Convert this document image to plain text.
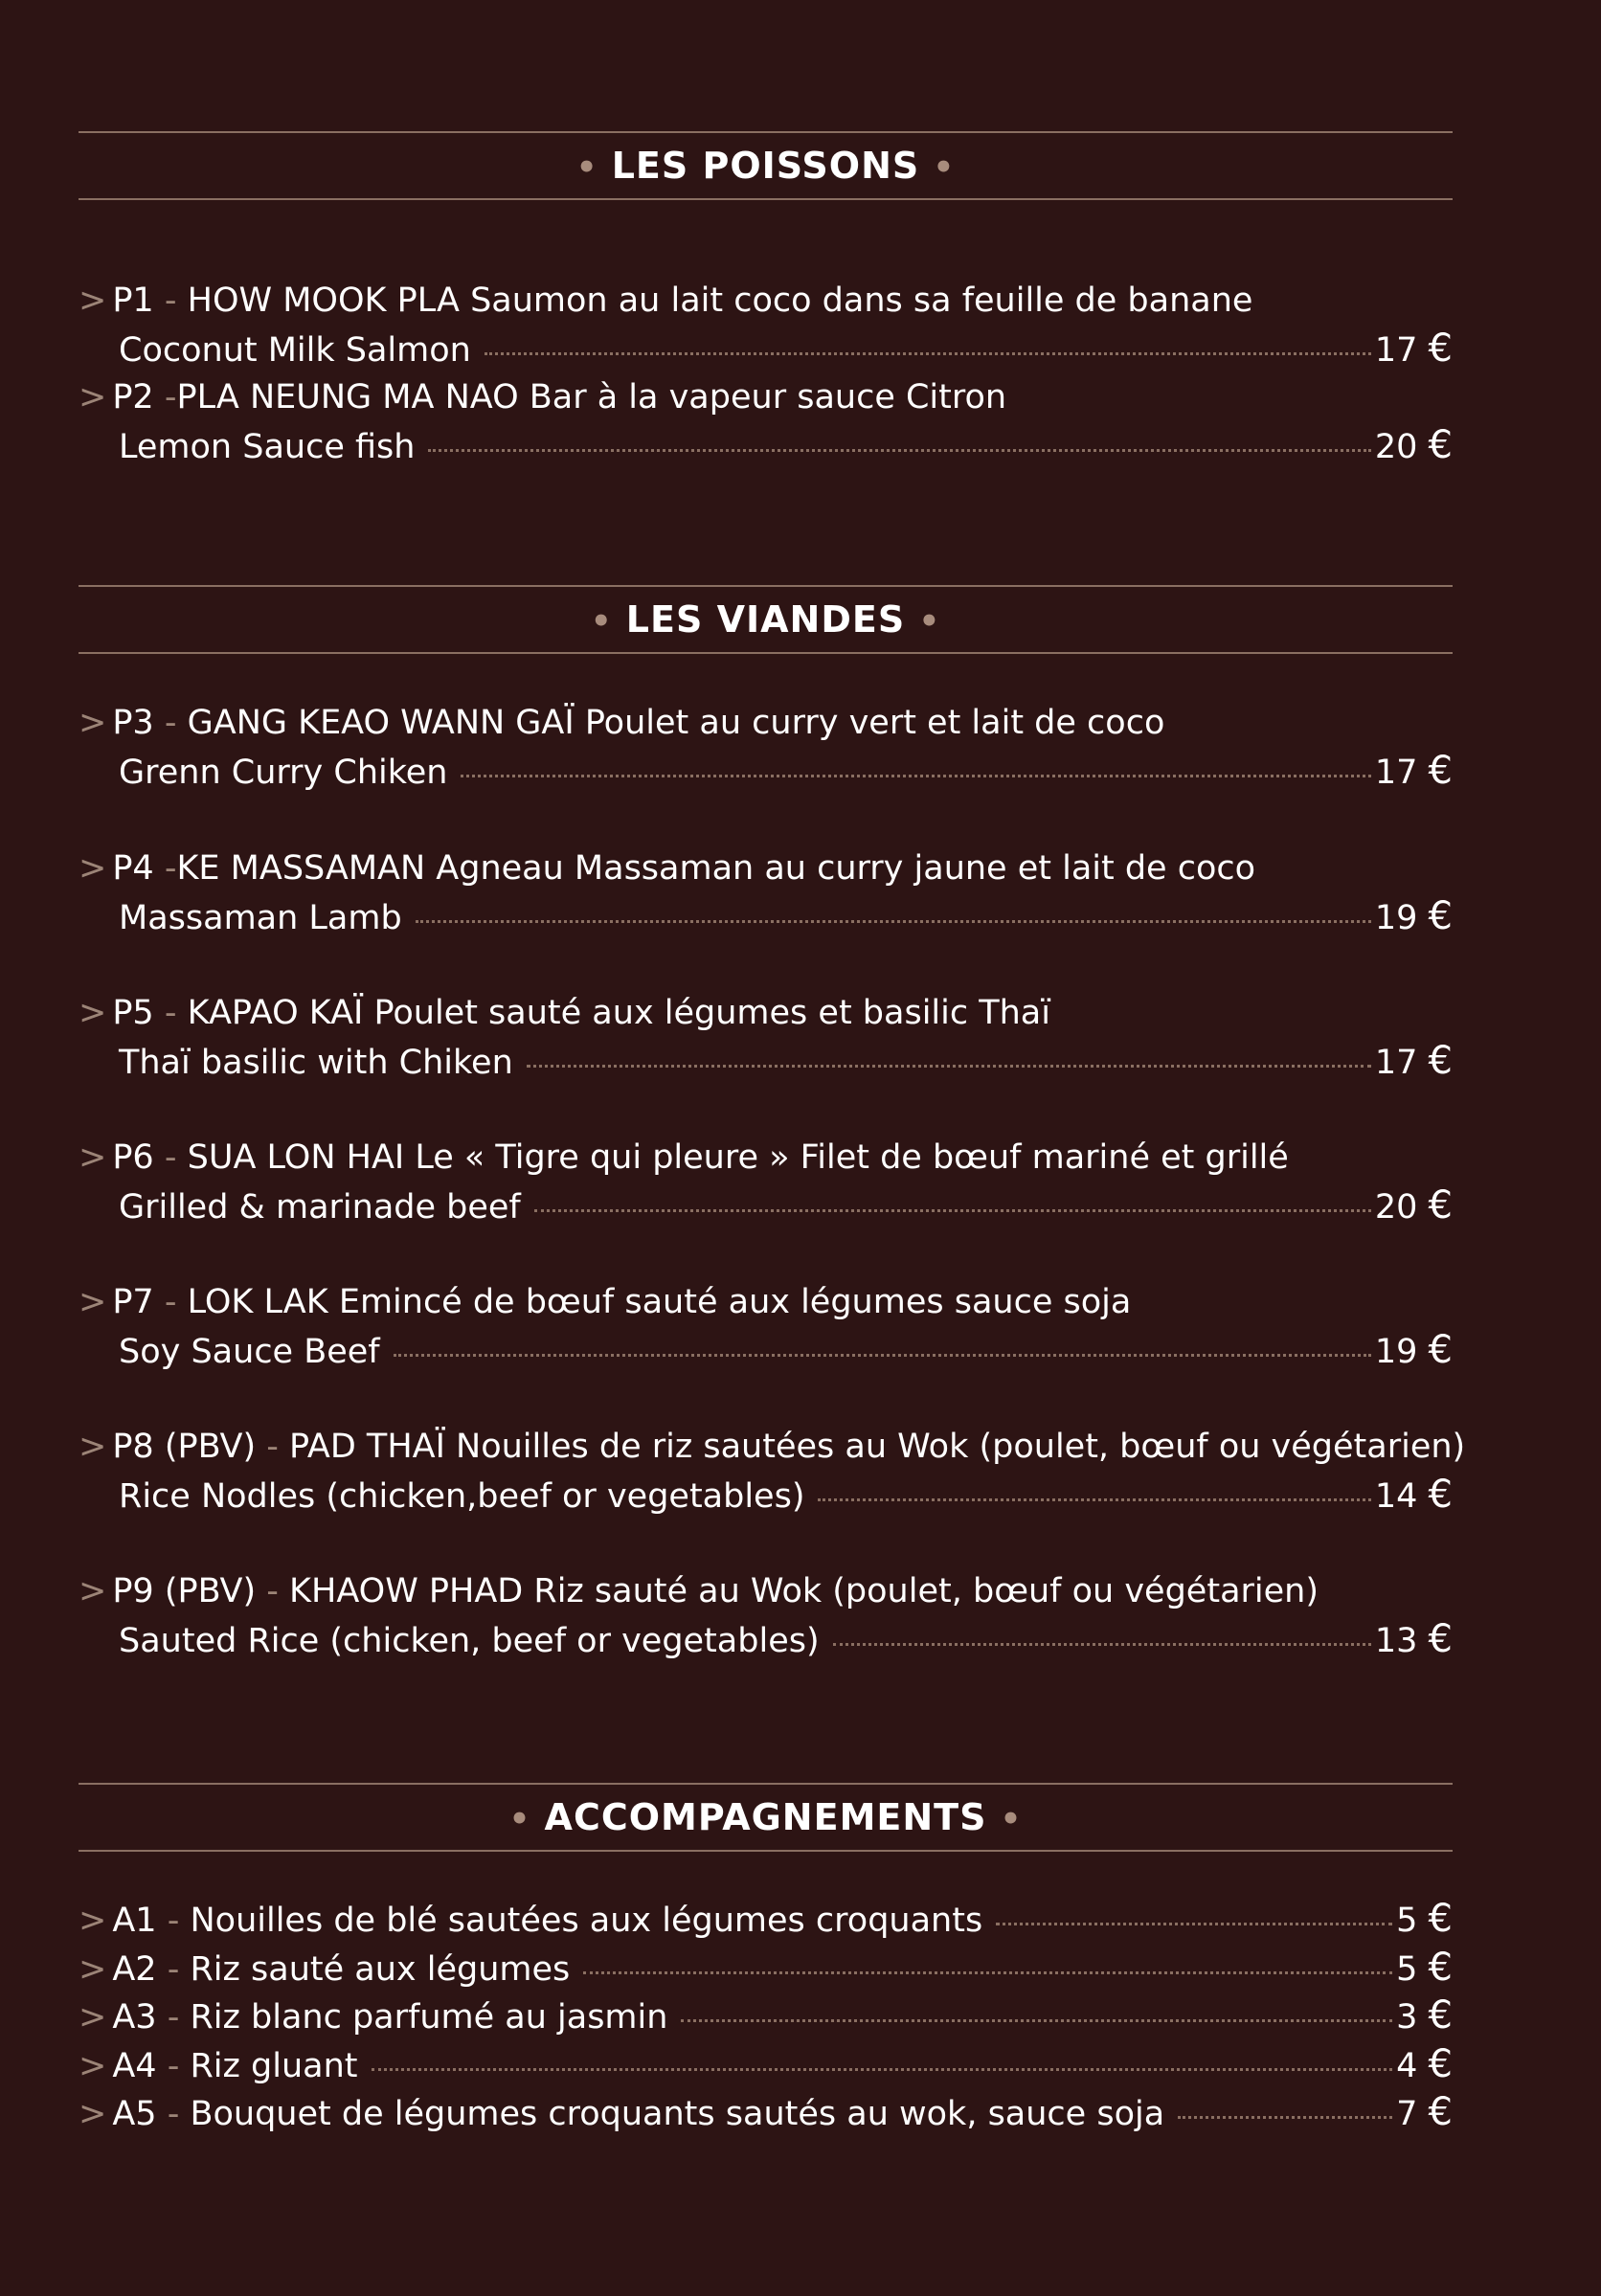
• LES POISSONS •
> P1 - HOW MOOK PLA Saumon au lait coco dans sa feuille de banane
Coconut Milk Salmon	17 €
> P2 -PLA NEUNG MA NAO Bar à la vapeur sauce Citron
Lemon Sauce fish	20 €
• LES VIANDES •
> P3 - GANG KEAO WANN GAÏ Poulet au curry vert et lait de coco
Grenn Curry Chiken	17 €
> P4 -KE MASSAMAN Agneau Massaman au curry jaune et lait de coco
Massaman Lamb	19 €
> P5 - KAPAO KAÏ Poulet sauté aux légumes et basilic Thaï
Thaï basilic with Chiken	17 €
> P6 - SUA LON HAI Le « Tigre qui pleure » Filet de bœuf mariné et grillé
Grilled & marinade beef	20 €
> P7 - LOK LAK Emincé de bœuf sauté aux légumes sauce soja
Soy Sauce Beef	19 €
> P8 (PBV) - PAD THAÏ Nouilles de riz sautées au Wok (poulet, bœuf ou végétarien)
Rice Nodles (chicken,beef or vegetables)	14 €
> P9 (PBV) - KHAOW PHAD Riz sauté au Wok (poulet, bœuf ou végétarien)
Sauted Rice (chicken, beef or vegetables)	13 €
• ACCOMPAGNEMENTS •
> A1 - Nouilles de blé sautées aux légumes croquants	5 €
> A2 - Riz sauté aux légumes	5 €
> A3 - Riz blanc parfumé au jasmin	3 €
> A4 - Riz gluant	4 €
> A5 - Bouquet de légumes croquants sautés au wok, sauce soja	7 €
